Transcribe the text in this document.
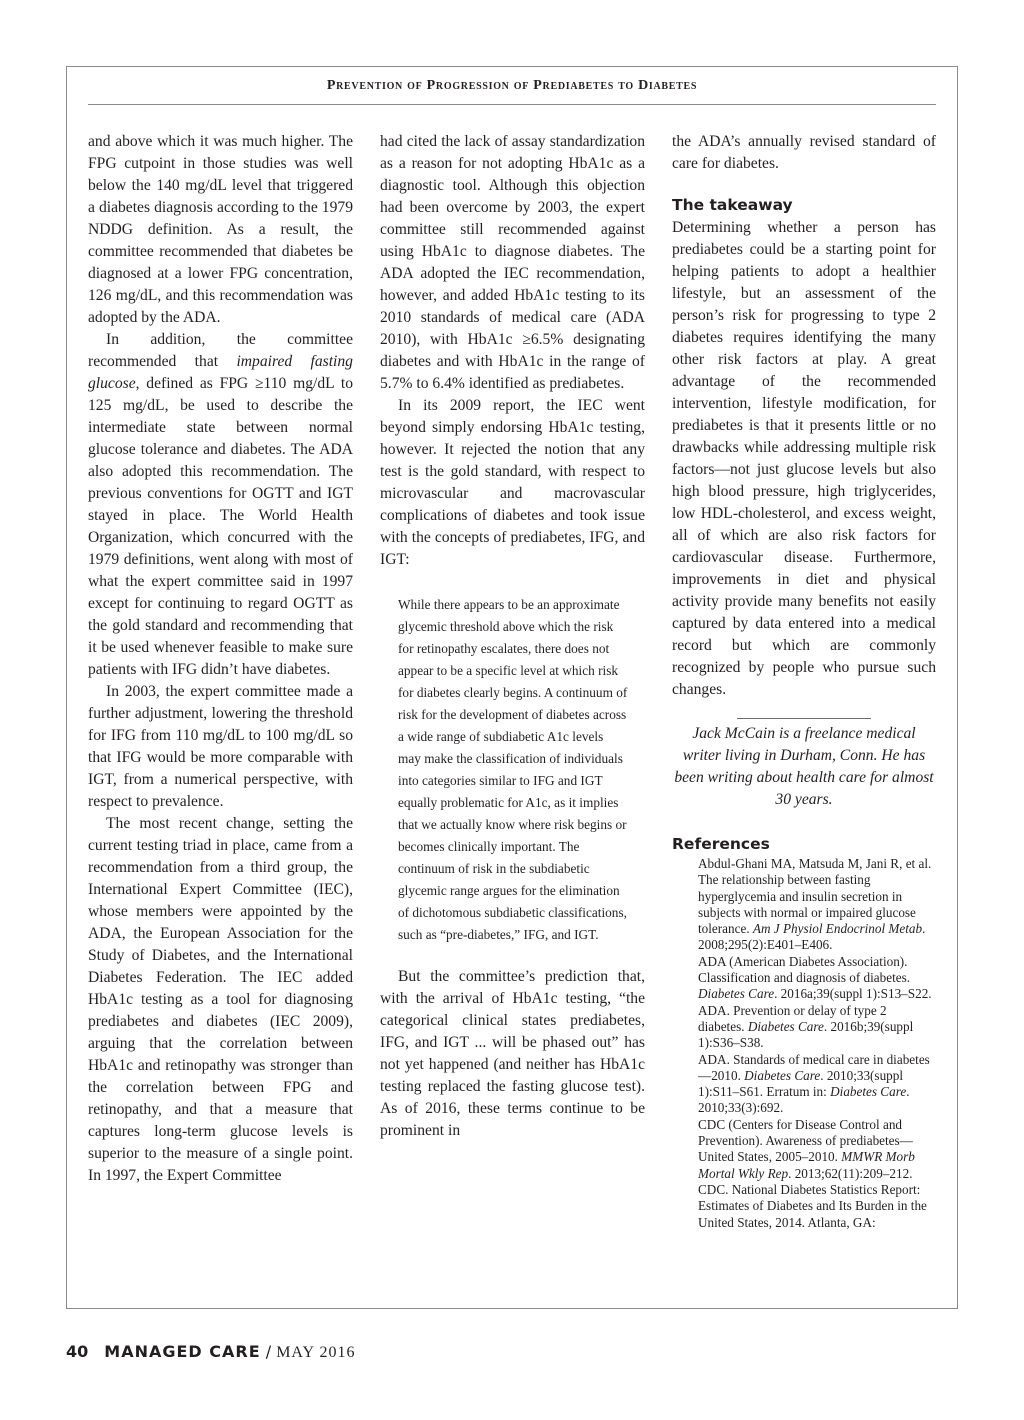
Prevention of Progression of Prediabetes to Diabetes

and above which it was much higher. The FPG cutpoint in those studies was well below the 140 mg/dL level that triggered a diabetes diagnosis according to the 1979 NDDG definition. As a result, the committee recommended that diabetes be diagnosed at a lower FPG concentration, 126 mg/dL, and this recommendation was adopted by the ADA.

In addition, the committee recommended that impaired fasting glucose, defined as FPG ≥110 mg/dL to 125 mg/dL, be used to describe the intermediate state between normal glucose tolerance and diabetes. The ADA also adopted this recommendation. The previous conventions for OGTT and IGT stayed in place. The World Health Organization, which concurred with the 1979 definitions, went along with most of what the expert committee said in 1997 except for continuing to regard OGTT as the gold standard and recommending that it be used whenever feasible to make sure patients with IFG didn’t have diabetes.

In 2003, the expert committee made a further adjustment, lowering the threshold for IFG from 110 mg/dL to 100 mg/dL so that IFG would be more comparable with IGT, from a numerical perspective, with respect to prevalence.

The most recent change, setting the current testing triad in place, came from a recommendation from a third group, the International Expert Committee (IEC), whose members were appointed by the ADA, the European Association for the Study of Diabetes, and the International Diabetes Federation. The IEC added HbA1c testing as a tool for diagnosing prediabetes and diabetes (IEC 2009), arguing that the correlation between HbA1c and retinopathy was stronger than the correlation between FPG and retinopathy, and that a measure that captures long-term glucose levels is superior to the measure of a single point. In 1997, the Expert Committee

had cited the lack of assay standardization as a reason for not adopting HbA1c as a diagnostic tool. Although this objection had been overcome by 2003, the expert committee still recommended against using HbA1c to diagnose diabetes. The ADA adopted the IEC recommendation, however, and added HbA1c testing to its 2010 standards of medical care (ADA 2010), with HbA1c ≥6.5% designating diabetes and with HbA1c in the range of 5.7% to 6.4% identified as prediabetes.

In its 2009 report, the IEC went beyond simply endorsing HbA1c testing, however. It rejected the notion that any test is the gold standard, with respect to microvascular and macrovascular complications of diabetes and took issue with the concepts of prediabetes, IFG, and IGT:

While there appears to be an approximate glycemic threshold above which the risk for retinopathy escalates, there does not appear to be a specific level at which risk for diabetes clearly begins. A continuum of risk for the development of diabetes across a wide range of subdiabetic A1c levels may make the classification of individuals into categories similar to IFG and IGT equally problematic for A1c, as it implies that we actually know where risk begins or becomes clinically important. The continuum of risk in the subdiabetic glycemic range argues for the elimination of dichotomous subdiabetic classifications, such as “pre-diabetes,” IFG, and IGT.

But the committee’s prediction that, with the arrival of HbA1c testing, “the categorical clinical states prediabetes, IFG, and IGT ... will be phased out” has not yet happened (and neither has HbA1c testing replaced the fasting glucose test). As of 2016, these terms continue to be prominent in

the ADA’s annually revised standard of care for diabetes.

The takeaway

Determining whether a person has prediabetes could be a starting point for helping patients to adopt a healthier lifestyle, but an assessment of the person’s risk for progressing to type 2 diabetes requires identifying the many other risk factors at play. A great advantage of the recommended intervention, lifestyle modification, for prediabetes is that it presents little or no drawbacks while addressing multiple risk factors—not just glucose levels but also high blood pressure, high triglycerides, low HDL-cholesterol, and excess weight, all of which are also risk factors for cardiovascular disease. Furthermore, improvements in diet and physical activity provide many benefits not easily captured by data entered into a medical record but which are commonly recognized by people who pursue such changes.

Jack McCain is a freelance medical writer living in Durham, Conn. He has been writing about health care for almost 30 years.

References

Abdul-Ghani MA, Matsuda M, Jani R, et al. The relationship between fasting hyperglycemia and insulin secretion in subjects with normal or impaired glucose tolerance. Am J Physiol Endocrinol Metab. 2008;295(2):E401–E406.

ADA (American Diabetes Association). Classification and diagnosis of diabetes. Diabetes Care. 2016a;39(suppl 1):S13–S22.

ADA. Prevention or delay of type 2 diabetes. Diabetes Care. 2016b;39(suppl 1):S36–S38.

ADA. Standards of medical care in diabetes—2010. Diabetes Care. 2010;33(suppl 1):S11–S61. Erratum in: Diabetes Care. 2010;33(3):692.

CDC (Centers for Disease Control and Prevention). Awareness of prediabetes—United States, 2005–2010. MMWR Morb Mortal Wkly Rep. 2013;62(11):209–212.

CDC. National Diabetes Statistics Report: Estimates of Diabetes and Its Burden in the United States, 2014. Atlanta, GA:

40 MANAGED CARE / MAY 2016
